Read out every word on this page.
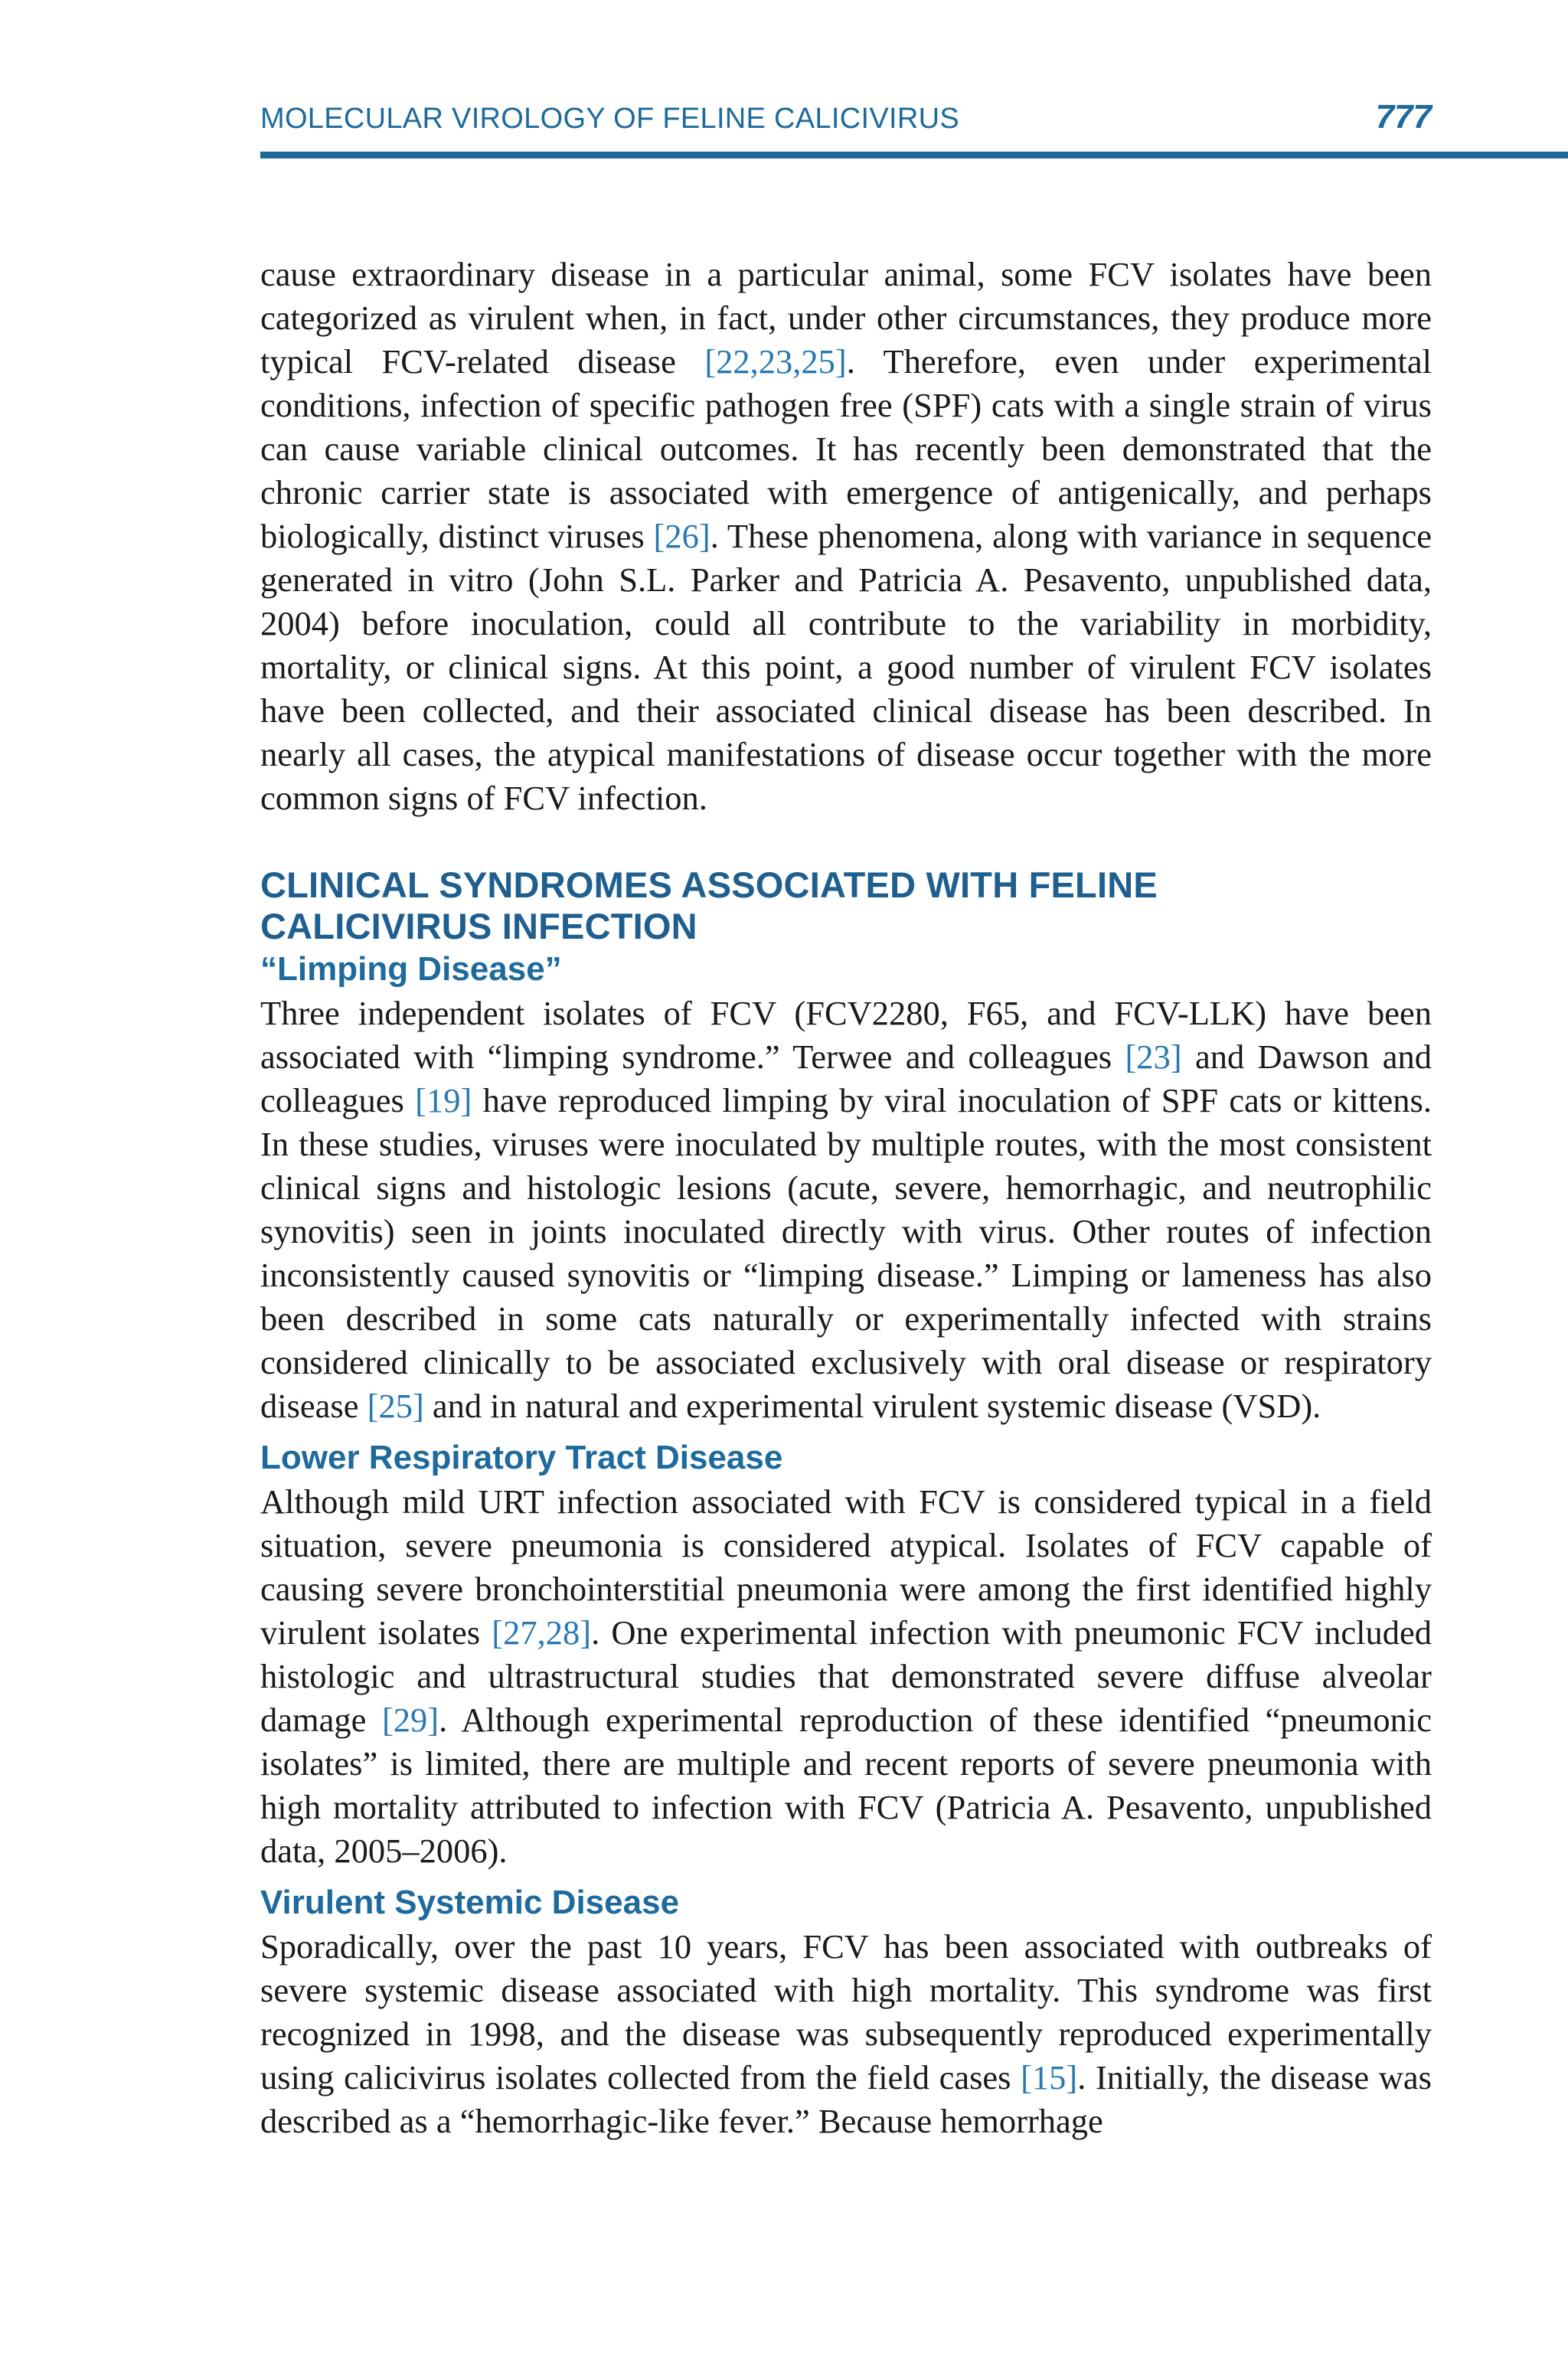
MOLECULAR VIROLOGY OF FELINE CALICIVIRUS	777

cause extraordinary disease in a particular animal, some FCV isolates have been categorized as virulent when, in fact, under other circumstances, they produce more typical FCV-related disease [22,23,25]. Therefore, even under experimental conditions, infection of specific pathogen free (SPF) cats with a single strain of virus can cause variable clinical outcomes. It has recently been demonstrated that the chronic carrier state is associated with emergence of antigenically, and perhaps biologically, distinct viruses [26]. These phenomena, along with variance in sequence generated in vitro (John S.L. Parker and Patricia A. Pesavento, unpublished data, 2004) before inoculation, could all contribute to the variability in morbidity, mortality, or clinical signs. At this point, a good number of virulent FCV isolates have been collected, and their associated clinical disease has been described. In nearly all cases, the atypical manifestations of disease occur together with the more common signs of FCV infection.

CLINICAL SYNDROMES ASSOCIATED WITH FELINE
CALICIVIRUS INFECTION
“Limping Disease”

Three independent isolates of FCV (FCV2280, F65, and FCV-LLK) have been associated with “limping syndrome.” Terwee and colleagues [23] and Dawson and colleagues [19] have reproduced limping by viral inoculation of SPF cats or kittens. In these studies, viruses were inoculated by multiple routes, with the most consistent clinical signs and histologic lesions (acute, severe, hemorrhagic, and neutrophilic synovitis) seen in joints inoculated directly with virus. Other routes of infection inconsistently caused synovitis or “limping disease.” Limping or lameness has also been described in some cats naturally or experimentally infected with strains considered clinically to be associated exclusively with oral disease or respiratory disease [25] and in natural and experimental virulent systemic disease (VSD).

Lower Respiratory Tract Disease

Although mild URT infection associated with FCV is considered typical in a field situation, severe pneumonia is considered atypical. Isolates of FCV capable of causing severe bronchointerstitial pneumonia were among the first identified highly virulent isolates [27,28]. One experimental infection with pneumonic FCV included histologic and ultrastructural studies that demonstrated severe diffuse alveolar damage [29]. Although experimental reproduction of these identified “pneumonic isolates” is limited, there are multiple and recent reports of severe pneumonia with high mortality attributed to infection with FCV (Patricia A. Pesavento, unpublished data, 2005–2006).

Virulent Systemic Disease

Sporadically, over the past 10 years, FCV has been associated with outbreaks of severe systemic disease associated with high mortality. This syndrome was first recognized in 1998, and the disease was subsequently reproduced experimentally using calicivirus isolates collected from the field cases [15]. Initially, the disease was described as a “hemorrhagic-like fever.” Because hemorrhage
